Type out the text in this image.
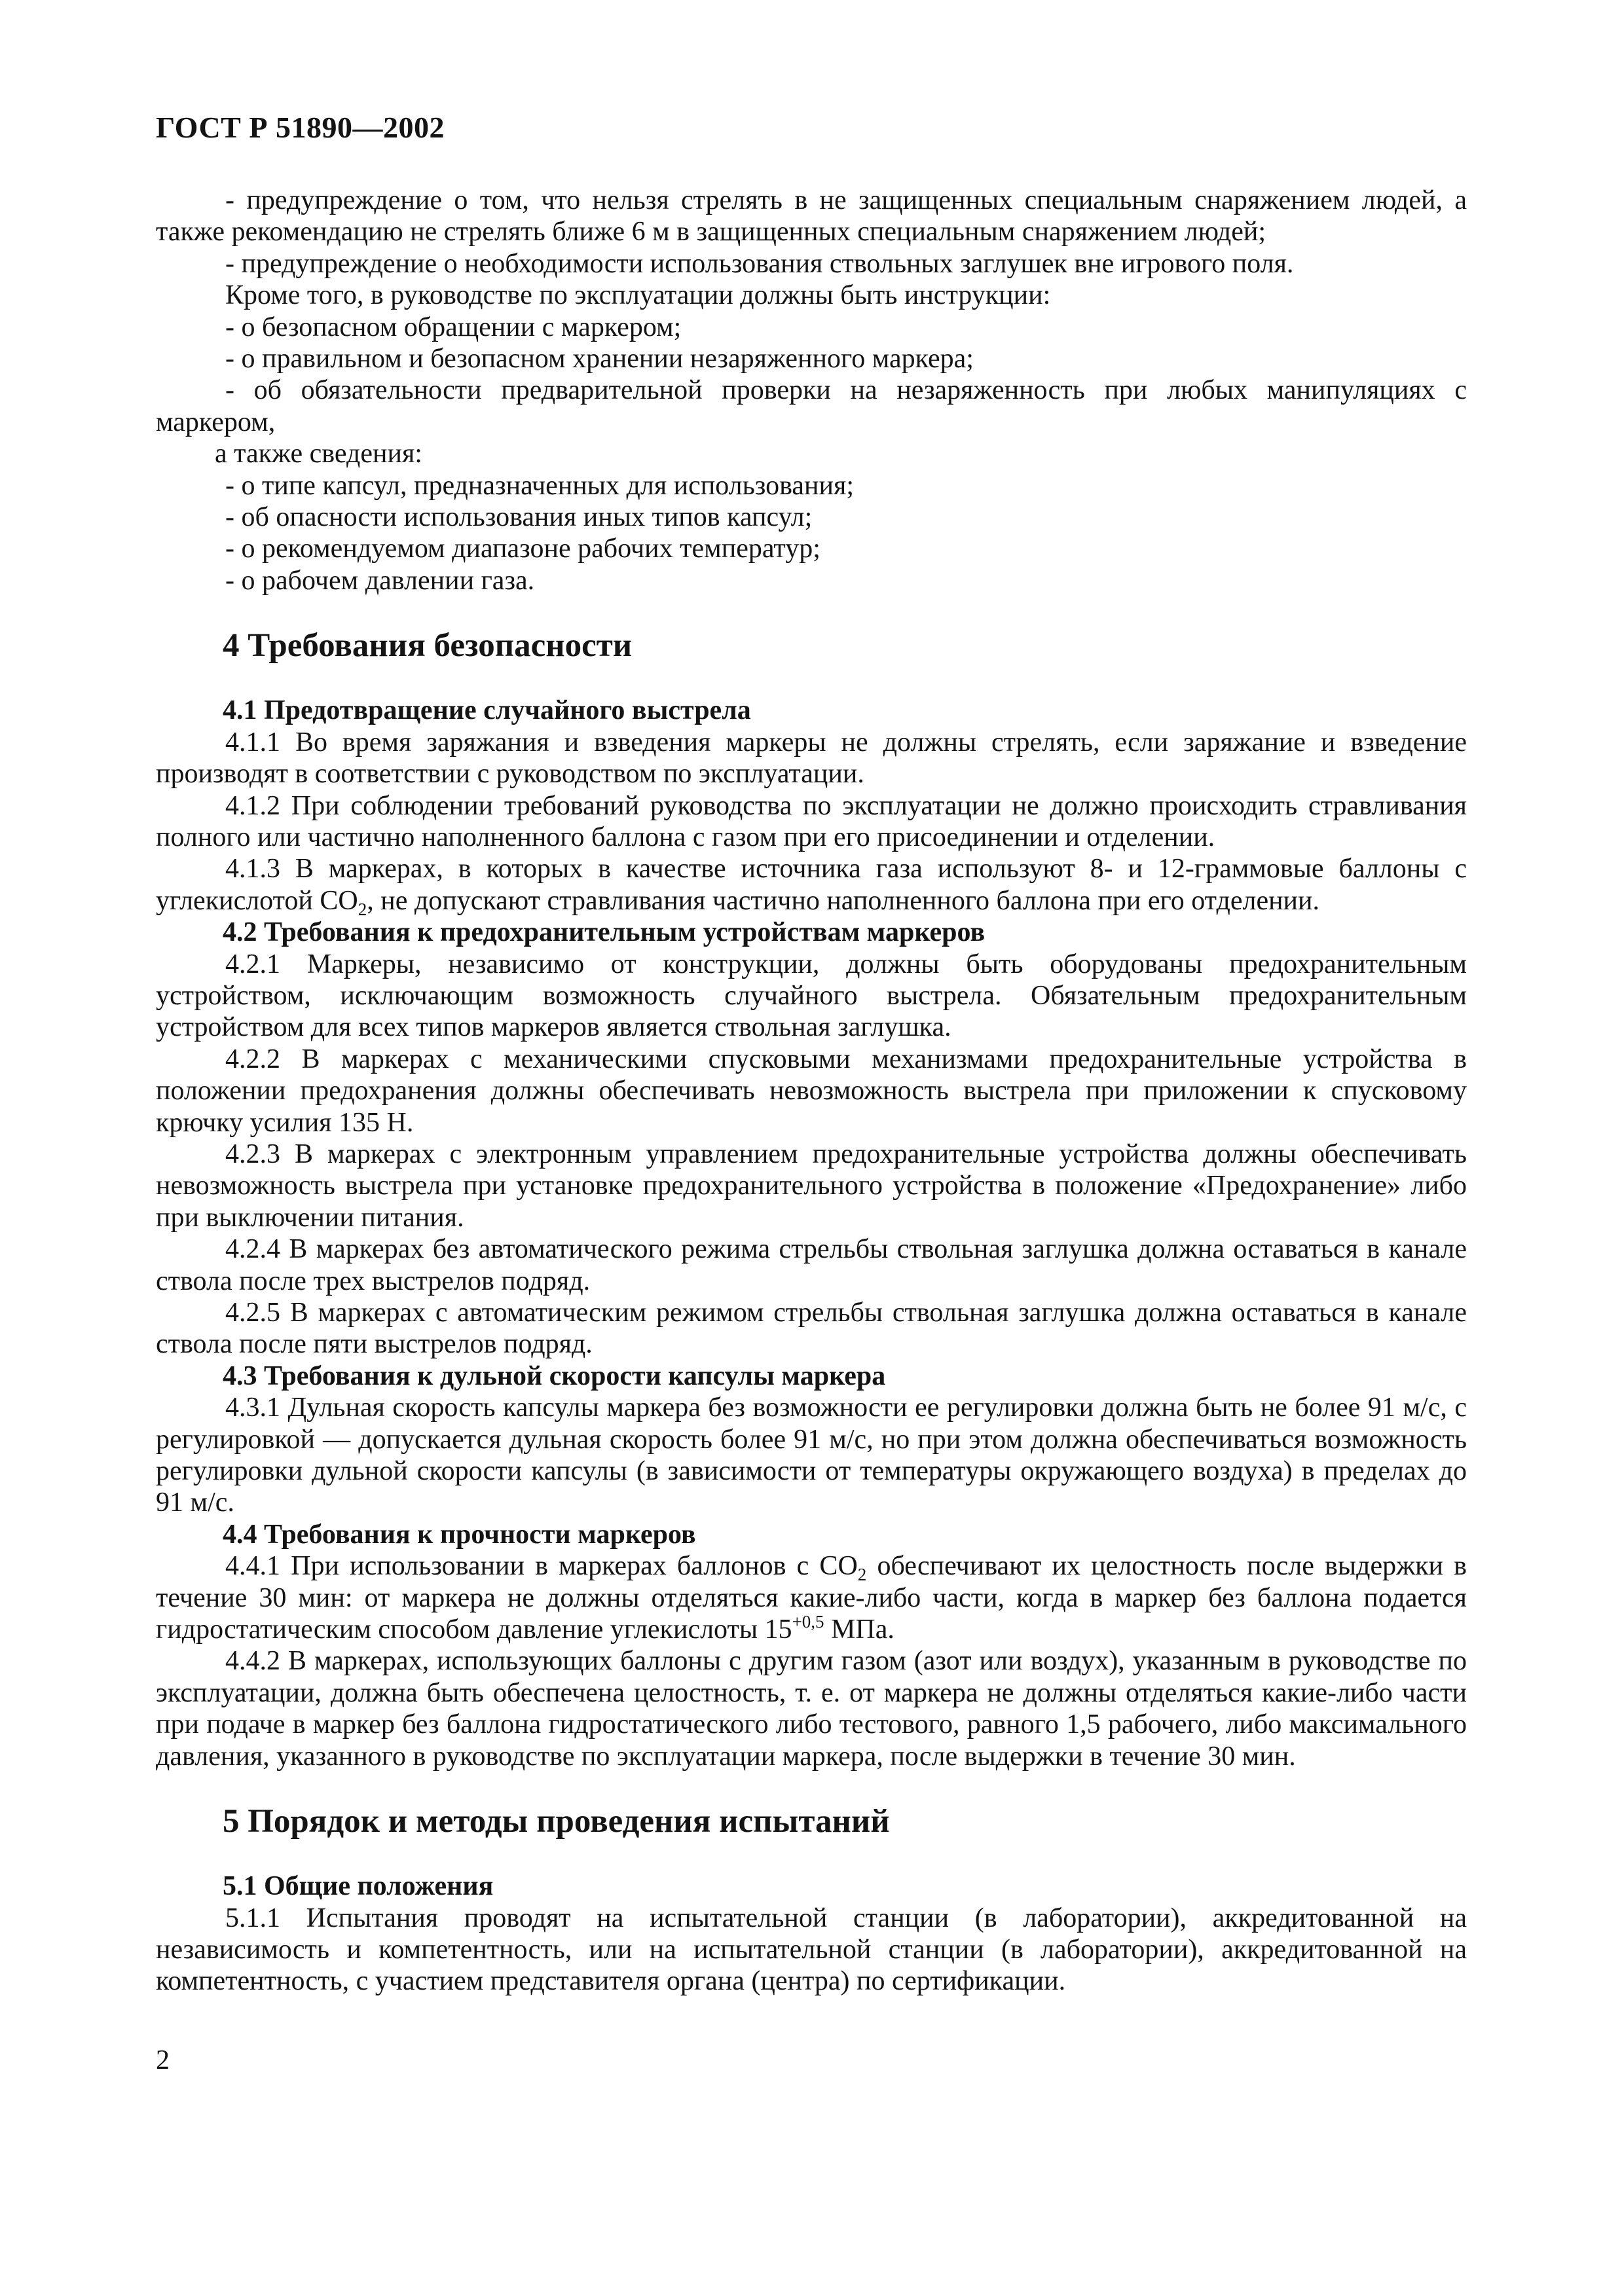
ГОСТ Р 51890—2002

- предупреждение о том, что нельзя стрелять в не защищенных специальным снаряжением людей, а также рекомендацию не стрелять ближе 6 м в защищенных специальным снаряжением людей;

- предупреждение о необходимости использования ствольных заглушек вне игрового поля.

Кроме того, в руководстве по эксплуатации должны быть инструкции:

- о безопасном обращении с маркером;

- о правильном и безопасном хранении незаряженного маркера;

- об обязательности предварительной проверки на незаряженность при любых манипуляциях с маркером,

а также сведения:

- о типе капсул, предназначенных для использования;

- об опасности использования иных типов капсул;

- о рекомендуемом диапазоне рабочих температур;

- о рабочем давлении газа.

4 Требования безопасности

4.1 Предотвращение случайного выстрела

4.1.1 Во время заряжания и взведения маркеры не должны стрелять, если заряжание и взведение производят в соответствии с руководством по эксплуатации.

4.1.2 При соблюдении требований руководства по эксплуатации не должно происходить стравливания полного или частично наполненного баллона с газом при его присоединении и отделении.

4.1.3 В маркерах, в которых в качестве источника газа используют 8- и 12-граммовые баллоны с углекислотой $СО_2$, не допускают стравливания частично наполненного баллона при его отделении.

4.2 Требования к предохранительным устройствам маркеров

4.2.1 Маркеры, независимо от конструкции, должны быть оборудованы предохранительным устройством, исключающим возможность случайного выстрела. Обязательным предохранительным устройством для всех типов маркеров является ствольная заглушка.

4.2.2 В маркерах с механическими спусковыми механизмами предохранительные устройства в положении предохранения должны обеспечивать невозможность выстрела при приложении к спусковому крючку усилия 135 Н.

4.2.3 В маркерах с электронным управлением предохранительные устройства должны обеспечивать невозможность выстрела при установке предохранительного устройства в положение «Предохранение» либо при выключении питания.

4.2.4 В маркерах без автоматического режима стрельбы ствольная заглушка должна оставаться в канале ствола после трех выстрелов подряд.

4.2.5 В маркерах с автоматическим режимом стрельбы ствольная заглушка должна оставаться в канале ствола после пяти выстрелов подряд.

4.3 Требования к дульной скорости капсулы маркера

4.3.1 Дульная скорость капсулы маркера без возможности ее регулировки должна быть не более 91 м/с, с регулировкой — допускается дульная скорость более 91 м/с, но при этом должна обеспечиваться возможность регулировки дульной скорости капсулы (в зависимости от температуры окружающего воздуха) в пределах до 91 м/с.

4.4 Требования к прочности маркеров

4.4.1 При использовании в маркерах баллонов с $СО_2$ обеспечивают их целостность после выдержки в течение 30 мин: от маркера не должны отделяться какие-либо части, когда в маркер без баллона подается гидростатическим способом давление углекислоты $15^{+0,5}$ МПа.

4.4.2 В маркерах, использующих баллоны с другим газом (азот или воздух), указанным в руководстве по эксплуатации, должна быть обеспечена целостность, т. е. от маркера не должны отделяться какие-либо части при подаче в маркер без баллона гидростатического либо тестового, равного 1,5 рабочего, либо максимального давления, указанного в руководстве по эксплуатации маркера, после выдержки в течение 30 мин.

5 Порядок и методы проведения испытаний

5.1 Общие положения

5.1.1 Испытания проводят на испытательной станции (в лаборатории), аккредитованной на независимость и компетентность, или на испытательной станции (в лаборатории), аккредитованной на компетентность, с участием представителя органа (центра) по сертификации.

2
